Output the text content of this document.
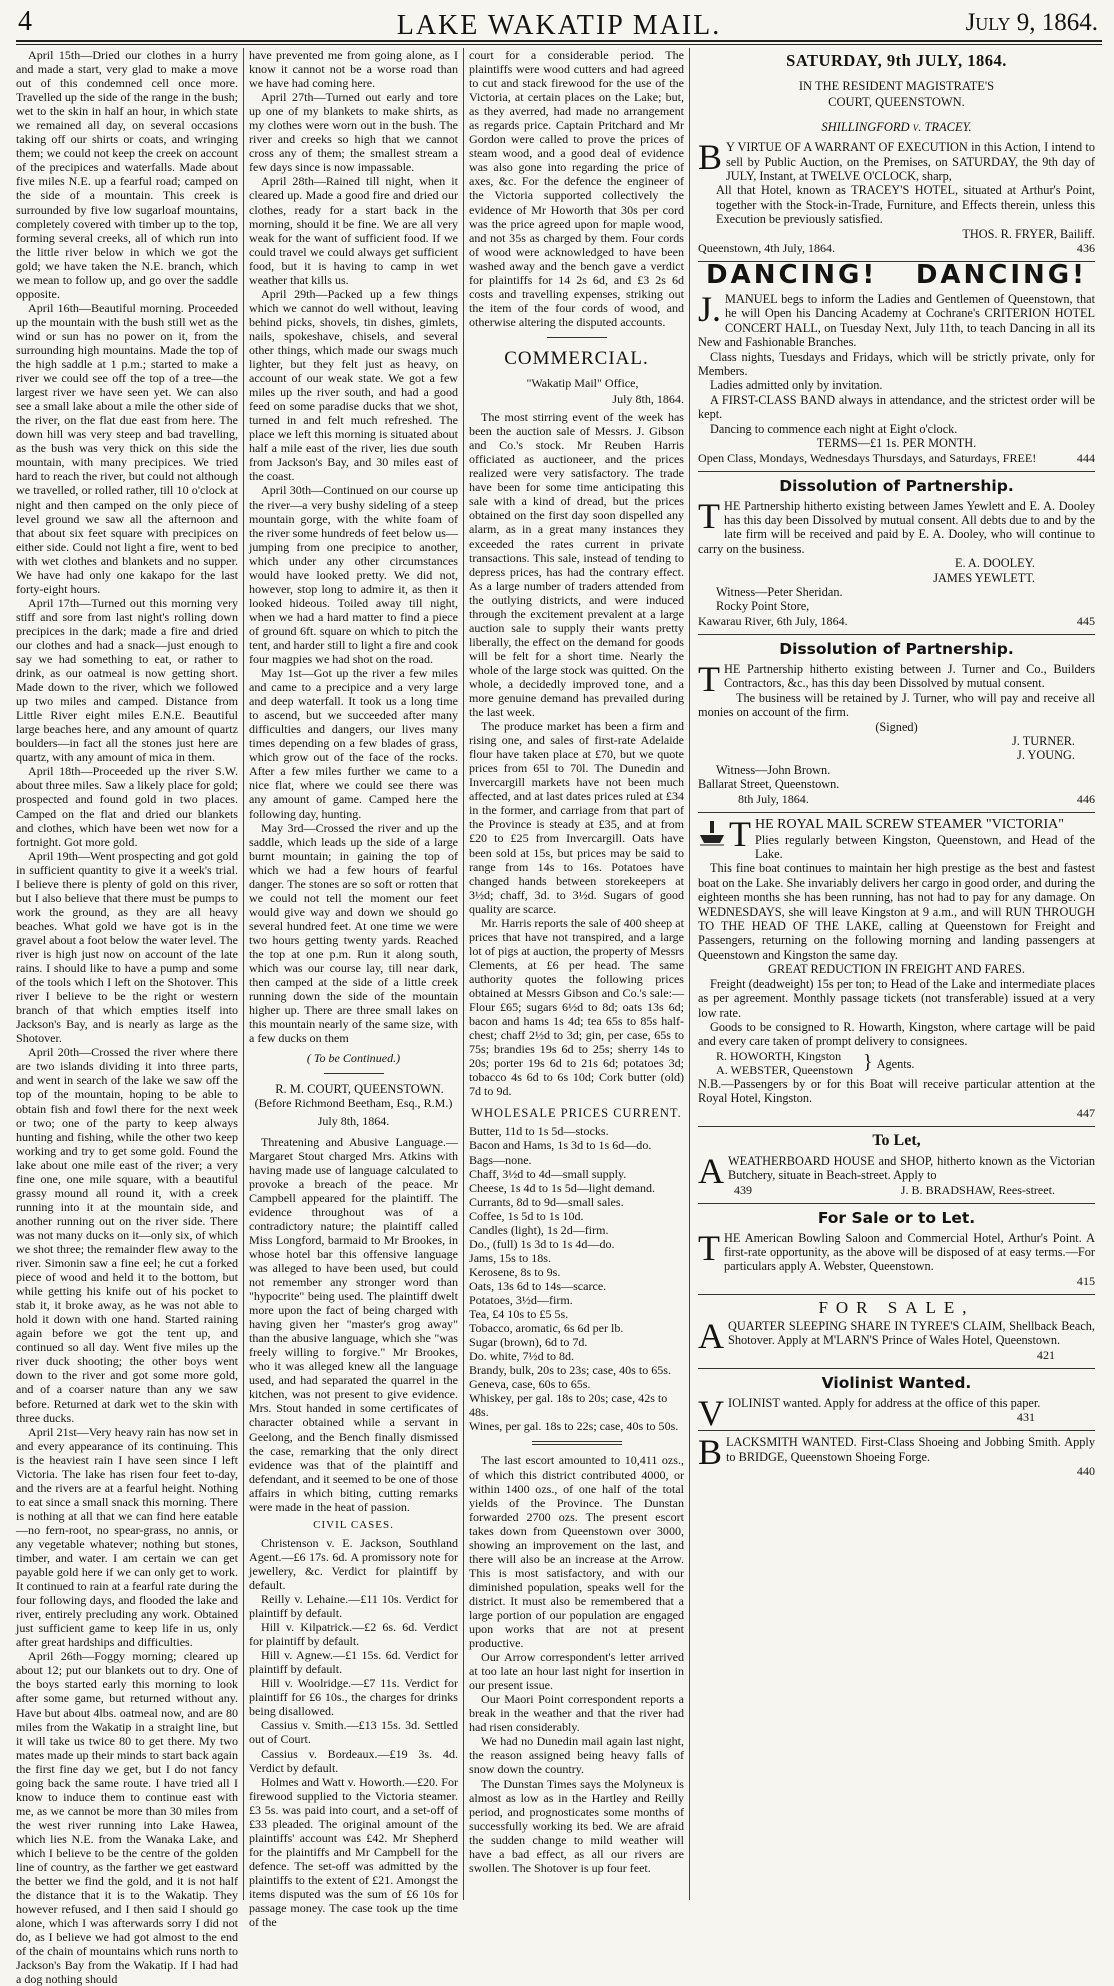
4	LAKE WAKATIP MAIL.	July 9, 1864.

April 15th—Dried our clothes in a hurry and made a start, very glad to make a move out of this condemned cell once more. Travelled up the side of the range in the bush; wet to the skin in half an hour, in which state we remained all day, on several occasions taking off our shirts or coats, and wringing them; we could not keep the creek on account of the precipices and waterfalls. Made about five miles N.E. up a fearful road; camped on the side of a mountain. This creek is surrounded by five low sugarloaf mountains, completely covered with timber up to the top, forming several creeks, all of which run into the little river below in which we got the gold; we have taken the N.E. branch, which we mean to follow up, and go over the saddle opposite.

April 16th—Beautiful morning. Proceeded up the mountain with the bush still wet as the wind or sun has no power on it, from the surrounding high mountains. Made the top of the high saddle at 1 p.m.; started to make a river we could see off the top of a tree—the largest river we have seen yet. We can also see a small lake about a mile the other side of the river, on the flat due east from here. The down hill was very steep and bad travelling, as the bush was very thick on this side the mountain, with many precipices. We tried hard to reach the river, but could not although we travelled, or rolled rather, till 10 o'clock at night and then camped on the only piece of level ground we saw all the afternoon and that about six feet square with precipices on either side. Could not light a fire, went to bed with wet clothes and blankets and no supper. We have had only one kakapo for the last forty-eight hours.

April 17th—Turned out this morning very stiff and sore from last night's rolling down precipices in the dark; made a fire and dried our clothes and had a snack—just enough to say we had something to eat, or rather to drink, as our oatmeal is now getting short. Made down to the river, which we followed up two miles and camped. Distance from Little River eight miles E.N.E. Beautiful large beaches here, and any amount of quartz boulders—in fact all the stones just here are quartz, with any amount of mica in them.

April 18th—Proceeded up the river S.W. about three miles. Saw a likely place for gold; prospected and found gold in two places. Camped on the flat and dried our blankets and clothes, which have been wet now for a fortnight. Got more gold.

April 19th—Went prospecting and got gold in sufficient quantity to give it a week's trial. I believe there is plenty of gold on this river, but I also believe that there must be pumps to work the ground, as they are all heavy beaches. What gold we have got is in the gravel about a foot below the water level. The river is high just now on account of the late rains. I should like to have a pump and some of the tools which I left on the Shotover. This river I believe to be the right or western branch of that which empties itself into Jackson's Bay, and is nearly as large as the Shotover.

April 20th—Crossed the river where there are two islands dividing it into three parts, and went in search of the lake we saw off the top of the mountain, hoping to be able to obtain fish and fowl there for the next week or two; one of the party to keep always hunting and fishing, while the other two keep working and try to get some gold. Found the lake about one mile east of the river; a very fine one, one mile square, with a beautiful grassy mound all round it, with a creek running into it at the mountain side, and another running out on the river side. There was not many ducks on it—only six, of which we shot three; the remainder flew away to the river. Simonin saw a fine eel; he cut a forked piece of wood and held it to the bottom, but while getting his knife out of his pocket to stab it, it broke away, as he was not able to hold it down with one hand. Started raining again before we got the tent up, and continued so all day. Went five miles up the river duck shooting; the other boys went down to the river and got some more gold, and of a coarser nature than any we saw before. Returned at dark wet to the skin with three ducks.

April 21st—Very heavy rain has now set in and every appearance of its continuing. This is the heaviest rain I have seen since I left Victoria. The lake has risen four feet to-day, and the rivers are at a fearful height. Nothing to eat since a small snack this morning. There is nothing at all that we can find here eatable—no fern-root, no spear-grass, no annis, or any vegetable whatever; nothing but stones, timber, and water. I am certain we can get payable gold here if we can only get to work. It continued to rain at a fearful rate during the four following days, and flooded the lake and river, entirely precluding any work. Obtained just sufficient game to keep life in us, only after great hardships and difficulties.

April 26th—Foggy morning; cleared up about 12; put our blankets out to dry. One of the boys started early this morning to look after some game, but returned without any. Have but about 4lbs. oatmeal now, and are 80 miles from the Wakatip in a straight line, but it will take us twice 80 to get there. My two mates made up their minds to start back again the first fine day we get, but I do not fancy going back the same route. I have tried all I know to induce them to continue east with me, as we cannot be more than 30 miles from the west river running into Lake Hawea, which lies N.E. from the Wanaka Lake, and which I believe to be the centre of the golden line of country, as the farther we get eastward the better we find the gold, and it is not half the distance that it is to the Wakatip. They however refused, and I then said I should go alone, which I was afterwards sorry I did not do, as I believe we had got almost to the end of the chain of mountains which runs north to Jackson's Bay from the Wakatip. If I had had a dog nothing should

have prevented me from going alone, as I know it cannot not be a worse road than we have had coming here.

April 27th—Turned out early and tore up one of my blankets to make shirts, as my clothes were worn out in the bush. The river and creeks so high that we cannot cross any of them; the smallest stream a few days since is now impassable.

April 28th—Rained till night, when it cleared up. Made a good fire and dried our clothes, ready for a start back in the morning, should it be fine. We are all very weak for the want of sufficient food. If we could travel we could always get sufficient food, but it is having to camp in wet weather that kills us.

April 29th—Packed up a few things which we cannot do well without, leaving behind picks, shovels, tin dishes, gimlets, nails, spokeshave, chisels, and several other things, which made our swags much lighter, but they felt just as heavy, on account of our weak state. We got a few miles up the river south, and had a good feed on some paradise ducks that we shot, turned in and felt much refreshed. The place we left this morning is situated about half a mile east of the river, lies due south from Jackson's Bay, and 30 miles east of the coast.

April 30th—Continued on our course up the river—a very bushy sideling of a steep mountain gorge, with the white foam of the river some hundreds of feet below us—jumping from one precipice to another, which under any other circumstances would have looked pretty. We did not, however, stop long to admire it, as then it looked hideous. Toiled away till night, when we had a hard matter to find a piece of ground 6ft. square on which to pitch the tent, and harder still to light a fire and cook four magpies we had shot on the road.

May 1st—Got up the river a few miles and came to a precipice and a very large and deep waterfall. It took us a long time to ascend, but we succeeded after many difficulties and dangers, our lives many times depending on a few blades of grass, which grow out of the face of the rocks. After a few miles further we came to a nice flat, where we could see there was any amount of game. Camped here the following day, hunting.

May 3rd—Crossed the river and up the saddle, which leads up the side of a large burnt mountain; in gaining the top of which we had a few hours of fearful danger. The stones are so soft or rotten that we could not tell the moment our feet would give way and down we should go several hundred feet. At one time we were two hours getting twenty yards. Reached the top at one p.m. Run it along south, which was our course lay, till near dark, then camped at the side of a little creek running down the side of the mountain higher up. There are three small lakes on this mountain nearly of the same size, with a few ducks on them

( To be Continued.)

R. M. COURT, QUEENSTOWN.

(Before Richmond Beetham, Esq., R.M.)

July 8th, 1864.

Threatening and Abusive Language.—Margaret Stout charged Mrs. Atkins with having made use of language calculated to provoke a breach of the peace. Mr Campbell appeared for the plaintiff. The evidence throughout was of a contradictory nature; the plaintiff called Miss Longford, barmaid to Mr Brookes, in whose hotel bar this offensive language was alleged to have been used, but could not remember any stronger word than "hypocrite" being used. The plaintiff dwelt more upon the fact of being charged with having given her "master's grog away" than the abusive language, which she "was freely willing to forgive." Mr Brookes, who it was alleged knew all the language used, and had separated the quarrel in the kitchen, was not present to give evidence. Mrs. Stout handed in some certificates of character obtained while a servant in Geelong, and the Bench finally dismissed the case, remarking that the only direct evidence was that of the plaintiff and defendant, and it seemed to be one of those affairs in which biting, cutting remarks were made in the heat of passion.

CIVIL CASES.

Christenson v. E. Jackson, Southland Agent.—£6 17s. 6d. A promissory note for jewellery, &c. Verdict for plaintiff by default.

Reilly v. Lehaine.—£11 10s. Verdict for plaintiff by default.

Hill v. Kilpatrick.—£2 6s. 6d. Verdict for plaintiff by default.

Hill v. Agnew.—£1 15s. 6d. Verdict for plaintiff by default.

Hill v. Woolridge.—£7 11s. Verdict for plaintiff for £6 10s., the charges for drinks being disallowed.

Cassius v. Smith.—£13 15s. 3d. Settled out of Court.

Cassius v. Bordeaux.—£19 3s. 4d. Verdict by default.

Holmes and Watt v. Howorth.—£20. For firewood supplied to the Victoria steamer. £3 5s. was paid into court, and a set-off of £33 pleaded. The original amount of the plaintiffs' account was £42. Mr Shepherd for the plaintiffs and Mr Campbell for the defence. The set-off was admitted by the plaintiffs to the extent of £21. Amongst the items disputed was the sum of £6 10s for passage money. The case took up the time of the

court for a considerable period. The plaintiffs were wood cutters and had agreed to cut and stack firewood for the use of the Victoria, at certain places on the Lake; but, as they averred, had made no arrangement as regards price. Captain Pritchard and Mr Gordon were called to prove the prices of steam wood, and a good deal of evidence was also gone into regarding the price of axes, &c. For the defence the engineer of the Victoria supported collectively the evidence of Mr Howorth that 30s per cord was the price agreed upon for maple wood, and not 35s as charged by them. Four cords of wood were acknowledged to have been washed away and the bench gave a verdict for plaintiffs for 14 2s 6d, and £3 2s 6d costs and travelling expenses, striking out the item of the four cords of wood, and otherwise altering the disputed accounts.

COMMERCIAL.

"Wakatip Mail" Office,

July 8th, 1864.

The most stirring event of the week has been the auction sale of Messrs. J. Gibson and Co.'s stock. Mr Reuben Harris officiated as auctioneer, and the prices realized were very satisfactory. The trade have been for some time anticipating this sale with a kind of dread, but the prices obtained on the first day soon dispelled any alarm, as in a great many instances they exceeded the rates current in private transactions. This sale, instead of tending to depress prices, has had the contrary effect. As a large number of traders attended from the outlying districts, and were induced through the excitement prevalent at a large auction sale to supply their wants pretty liberally, the effect on the demand for goods will be felt for a short time. Nearly the whole of the large stock was quitted. On the whole, a decidedly improved tone, and a more genuine demand has prevailed during the last week.

The produce market has been a firm and rising one, and sales of first-rate Adelaide flour have taken place at £70, but we quote prices from 65l to 70l. The Dunedin and Invercargill markets have not been much affected, and at last dates prices ruled at £34 in the former, and carriage from that part of the Province is steady at £35, and at from £20 to £25 from Invercargill. Oats have been sold at 15s, but prices may be said to range from 14s to 16s. Potatoes have changed hands between storekeepers at 3½d; chaff, 3d. to 3½d. Sugars of good quality are scarce.

Mr. Harris reports the sale of 400 sheep at prices that have not transpired, and a large lot of pigs at auction, the property of Messrs Clements, at £6 per head. The same authority quotes the following prices obtained at Messrs Gibson and Co.'s sale:—Flour £65; sugars 6½d to 8d; oats 13s 6d; bacon and hams 1s 4d; tea 65s to 85s half-chest; chaff 2½d to 3d; gin, per case, 65s to 75s; brandies 19s 6d to 25s; sherry 14s to 20s; porter 19s 6d to 21s 6d; potatoes 3d; tobacco 4s 6d to 6s 10d; Cork butter (old) 7d to 9d.

WHOLESALE PRICES CURRENT.

Butter, 11d to 1s 5d—stocks.

Bacon and Hams, 1s 3d to 1s 6d—do.

Bags—none.

Chaff, 3½d to 4d—small supply.

Cheese, 1s 4d to 1s 5d—light demand.

Currants, 8d to 9d—small sales.

Coffee, 1s 5d to 1s 10d.

Candles (light), 1s 2d—firm.

Do., (full) 1s 3d to 1s 4d—do.

Jams, 15s to 18s.

Kerosene, 8s to 9s.

Oats, 13s 6d to 14s—scarce.

Potatoes, 3½d—firm.

Tea, £4 10s to £5 5s.

Tobacco, aromatic, 6s 6d per lb.

Sugar (brown), 6d to 7d.

Do. white, 7½d to 8d.

Brandy, bulk, 20s to 23s; case, 40s to 65s.

Geneva, case, 60s to 65s.

Whiskey, per gal. 18s to 20s; case, 42s to 48s.

Wines, per gal. 18s to 22s; case, 40s to 50s.

The last escort amounted to 10,411 ozs., of which this district contributed 4000, or within 1400 ozs., of one half of the total yields of the Province. The Dunstan forwarded 2700 ozs. The present escort takes down from Queenstown over 3000, showing an improvement on the last, and there will also be an increase at the Arrow. This is most satisfactory, and with our diminished population, speaks well for the district. It must also be remembered that a large portion of our population are engaged upon works that are not at present productive.

Our Arrow correspondent's letter arrived at too late an hour last night for insertion in our present issue.

Our Maori Point correspondent reports a break in the weather and that the river had had risen considerably.

We had no Dunedin mail again last night, the reason assigned being heavy falls of snow down the country.

The Dunstan Times says the Molyneux is almost as low as in the Hartley and Reilly period, and prognosticates some months of successfully working its bed. We are afraid the sudden change to mild weather will have a bad effect, as all our rivers are swollen. The Shotover is up four feet.

SATURDAY, 9th JULY, 1864.
IN THE RESIDENT MAGISTRATE'S
COURT, QUEENSTOWN.
SHILLINGFORD v. TRACEY.

B Y VIRTUE OF A WARRANT OF EXECUTION in this Action, I intend to sell by Public Auction, on the Premises, on SATURDAY, the 9th day of JULY, Instant, at TWELVE O'CLOCK, sharp,

All that Hotel, known as TRACEY'S HOTEL, situated at Arthur's Point, together with the Stock-in-Trade, Furniture, and Effects therein, unless this Execution be previously satisfied.

THOS. R. FRYER, Bailiff.

Queenstown, 4th July, 1864.	436
DANCING! DANCING!

J. MANUEL begs to inform the Ladies and Gentlemen of Queenstown, that he will Open his Dancing Academy at Cochrane's CRITERION HOTEL CONCERT HALL, on Tuesday Next, July 11th, to teach Dancing in all its New and Fashionable Branches.

Class nights, Tuesdays and Fridays, which will be strictly private, only for Members.

Ladies admitted only by invitation.

A FIRST-CLASS BAND always in attendance, and the strictest order will be kept.

Dancing to commence each night at Eight o'clock.

TERMS—£1 1s. PER MONTH.

Open Class, Mondays, Wednesdays Thursdays, and Saturdays, FREE!	444
Dissolution of Partnership.

THE Partnership hitherto existing between James Yewlett and E. A. Dooley has this day been Dissolved by mutual consent. All debts due to and by the late firm will be received and paid by E. A. Dooley, who will continue to carry on the business.

E. A. DOOLEY.

JAMES YEWLETT.

Witness—Peter Sheridan.

Rocky Point Store,

Kawarau River, 6th July, 1864.	445
Dissolution of Partnership.

THE Partnership hitherto existing between J. Turner and Co., Builders Contractors, &c., has this day been Dissolved by mutual consent.

The business will be retained by J. Turner, who will pay and receive all monies on account of the firm.

(Signed)

J. TURNER.

J. YOUNG.

Witness—John Brown.

Ballarat Street, Queenstown.

8th July, 1864.	446

THE ROYAL MAIL SCREW STEAMER "VICTORIA"

Plies regularly between Kingston, Queenstown, and Head of the Lake.

This fine boat continues to maintain her high prestige as the best and fastest boat on the Lake. She invariably delivers her cargo in good order, and during the eighteen months she has been running, has not had to pay for any damage. On WEDNESDAYS, she will leave Kingston at 9 a.m., and will RUN THROUGH TO THE HEAD OF THE LAKE, calling at Queenstown for Freight and Passengers, returning on the following morning and landing passengers at Queenstown and Kingston the same day.

GREAT REDUCTION IN FREIGHT AND FARES.

Freight (deadweight) 15s per ton; to Head of the Lake and intermediate places as per agreement. Monthly passage tickets (not transferable) issued at a very low rate.

Goods to be consigned to R. Howarth, Kingston, where cartage will be paid and every care taken of prompt delivery to consignees.

R. HOWORTH, Kingston
A. WEBSTER, Queenstown } Agents.

N.B.—Passengers by or for this Boat will receive particular attention at the Royal Hotel, Kingston.

447
To Let,

AWEATHERBOARD HOUSE and SHOP, hitherto known as the Victorian Butchery, situate in Beach-street. Apply to

439	J. B. BRADSHAW, Rees-street.
For Sale or to Let.

THE American Bowling Saloon and Commercial Hotel, Arthur's Point. A first-rate opportunity, as the above will be disposed of at easy terms.—For particulars apply A. Webster, Queenstown.

415
FOR SALE,

AQUARTER SLEEPING SHARE IN TYREE'S CLAIM, Shellback Beach, Shotover. Apply at M'LARN'S Prince of Wales Hotel, Queenstown.

421
Violinist Wanted.

VIOLINIST wanted. Apply for address at the office of this paper.

431

BLACKSMITH WANTED. First-Class Shoeing and Jobbing Smith. Apply to BRIDGE, Queenstown Shoeing Forge.

440
